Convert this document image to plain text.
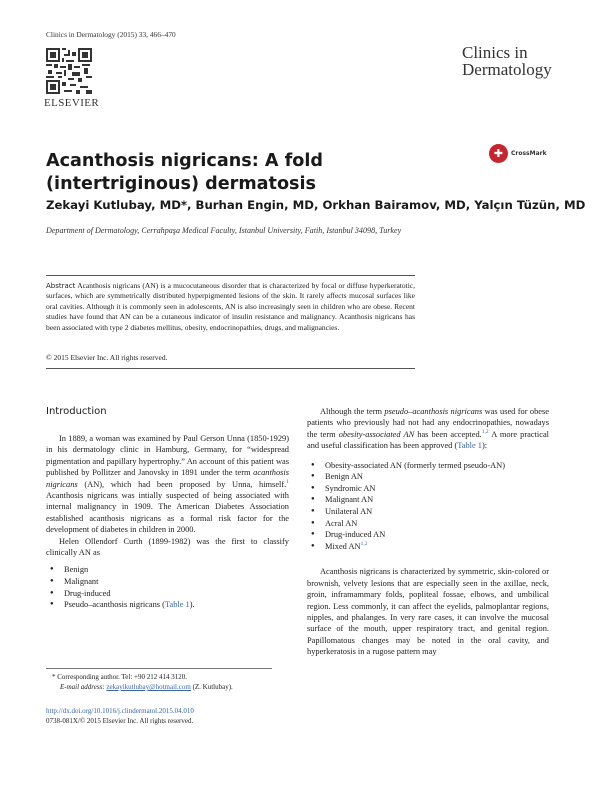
Clinics in Dermatology (2015) 33, 466–470
ELSEVIER
Clinics in
Dermatology
Acanthosis nigricans: A fold (intertriginous) dermatosis
✚	CrossMark
Zekayi Kutlubay, MD*, Burhan Engin, MD, Orkhan Bairamov, MD, Yalçın Tüzün, MD
Department of Dermatology, Cerrahpaşa Medical Faculty, Istanbul University, Fatih, Istanbul 34098, Turkey
Abstract Acanthosis nigricans (AN) is a mucocutaneous disorder that is characterized by focal or diffuse hyperkeratotic, surfaces, which are symmetrically distributed hyperpigmented lesions of the skin. It rarely affects mucosal surfaces like oral cavities. Although it is commonly seen in adolescents, AN is also increasingly seen in children who are obese. Recent studies have found that AN can be a cutaneous indicator of insulin resistance and malignancy. Acanthosis nigricans has been associated with type 2 diabetes mellitus, obesity, endocrinopathies, drugs, and malignancies.
© 2015 Elsevier Inc. All rights reserved.
Introduction

In 1889, a woman was examined by Paul Gerson Unna (1850-1929) in his dermatology clinic in Hamburg, Germany, for “widespread pigmentation and papillary hypertrophy.” An account of this patient was published by Pollitzer and Janovsky in 1891 under the term acanthosis nigricans (AN), which had been proposed by Unna, himself.$^1$ Acanthosis nigricans was intially suspected of being associated with internal malignancy in 1909. The American Diabetes Association established acanthosis nigricans as a formal risk factor for the development of diabetes in children in 2000.

Helen Ollendorf Curth (1899-1982) was the first to classify clinically AN as

● Benign
● Malignant
● Drug-induced
● Pseudo–acanthosis nigricans (Table 1).

Although the term pseudo–acanthosis nigricans was used for obese patients who previously had not had any endocrinopathies, nowadays the term obesity-associated AN has been accepted.$^{1,2}$ A more practical and useful classification has been approved (Table 1):

● Obesity-associated AN (formerly termed pseudo-AN)
● Benign AN
● Syndromic AN
● Malignant AN
● Unilateral AN
● Acral AN
● Drug-induced AN
● Mixed AN$^{1,2}$

Acanthosis nigricans is characterized by symmetric, skin-colored or brownish, velvety lesions that are especially seen in the axillae, neck, groin, inframammary folds, popliteal fossae, elbows, and umbilical region. Less commonly, it can affect the eyelids, palmoplantar regions, nipples, and phalanges. In very rare cases, it can involve the mucosal surface of the mouth, upper respiratory tract, and genital region. Papillomatous changes may be noted in the oral cavity, and hyperkeratosis in a rugose pattern may

* Corresponding author. Tel: +90 212 414 3120.
E-mail address: zekayikutlubay@hotmail.com (Z. Kutlubay).
http://dx.doi.org/10.1016/j.clindermatol.2015.04.010
0738-081X/© 2015 Elsevier Inc. All rights reserved.
